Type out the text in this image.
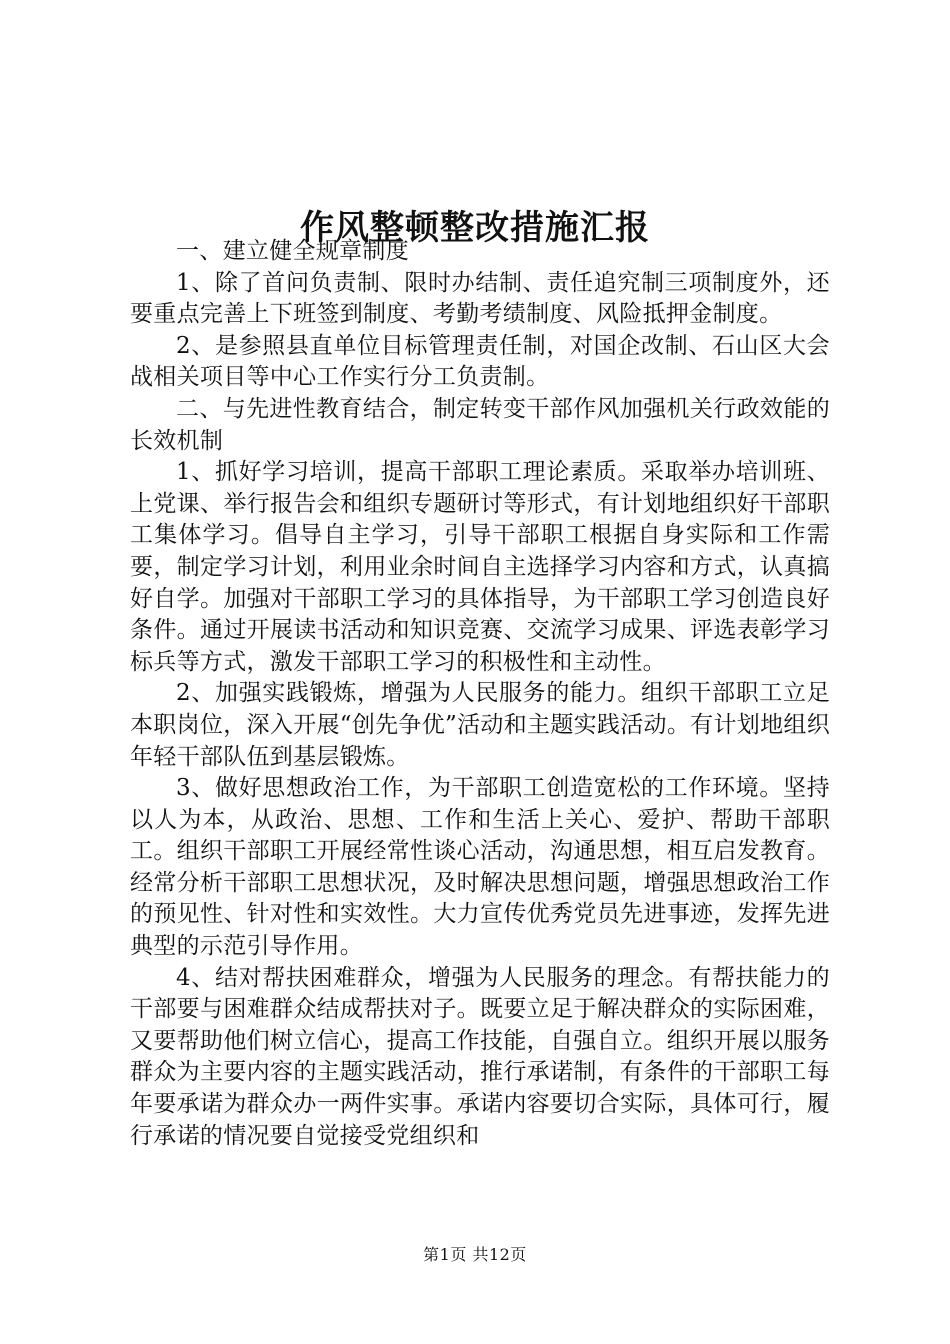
作风整顿整改措施汇报

一、建立健全规章制度

1、除了首问负责制、限时办结制、责任追究制三项制度外，还要重点完善上下班签到制度、考勤考绩制度、风险抵押金制度。

2、是参照县直单位目标管理责任制，对国企改制、石山区大会战相关项目等中心工作实行分工负责制。

二、与先进性教育结合，制定转变干部作风加强机关行政效能的长效机制

1、抓好学习培训，提高干部职工理论素质。采取举办培训班、上党课、举行报告会和组织专题研讨等形式，有计划地组织好干部职工集体学习。倡导自主学习，引导干部职工根据自身实际和工作需要，制定学习计划，利用业余时间自主选择学习内容和方式，认真搞好自学。加强对干部职工学习的具体指导，为干部职工学习创造良好条件。通过开展读书活动和知识竞赛、交流学习成果、评选表彰学习标兵等方式，激发干部职工学习的积极性和主动性。

2、加强实践锻炼，增强为人民服务的能力。组织干部职工立足本职岗位，深入开展“创先争优”活动和主题实践活动。有计划地组织年轻干部队伍到基层锻炼。

3、做好思想政治工作，为干部职工创造宽松的工作环境。坚持以人为本，从政治、思想、工作和生活上关心、爱护、帮助干部职工。组织干部职工开展经常性谈心活动，沟通思想，相互启发教育。经常分析干部职工思想状况，及时解决思想问题，增强思想政治工作的预见性、针对性和实效性。大力宣传优秀党员先进事迹，发挥先进典型的示范引导作用。

4、结对帮扶困难群众，增强为人民服务的理念。有帮扶能力的干部要与困难群众结成帮扶对子。既要立足于解决群众的实际困难，又要帮助他们树立信心，提高工作技能，自强自立。组织开展以服务群众为主要内容的主题实践活动，推行承诺制，有条件的干部职工每年要承诺为群众办一两件实事。承诺内容要切合实际，具体可行，履行承诺的情况要自觉接受党组织和

第1页 共12页
